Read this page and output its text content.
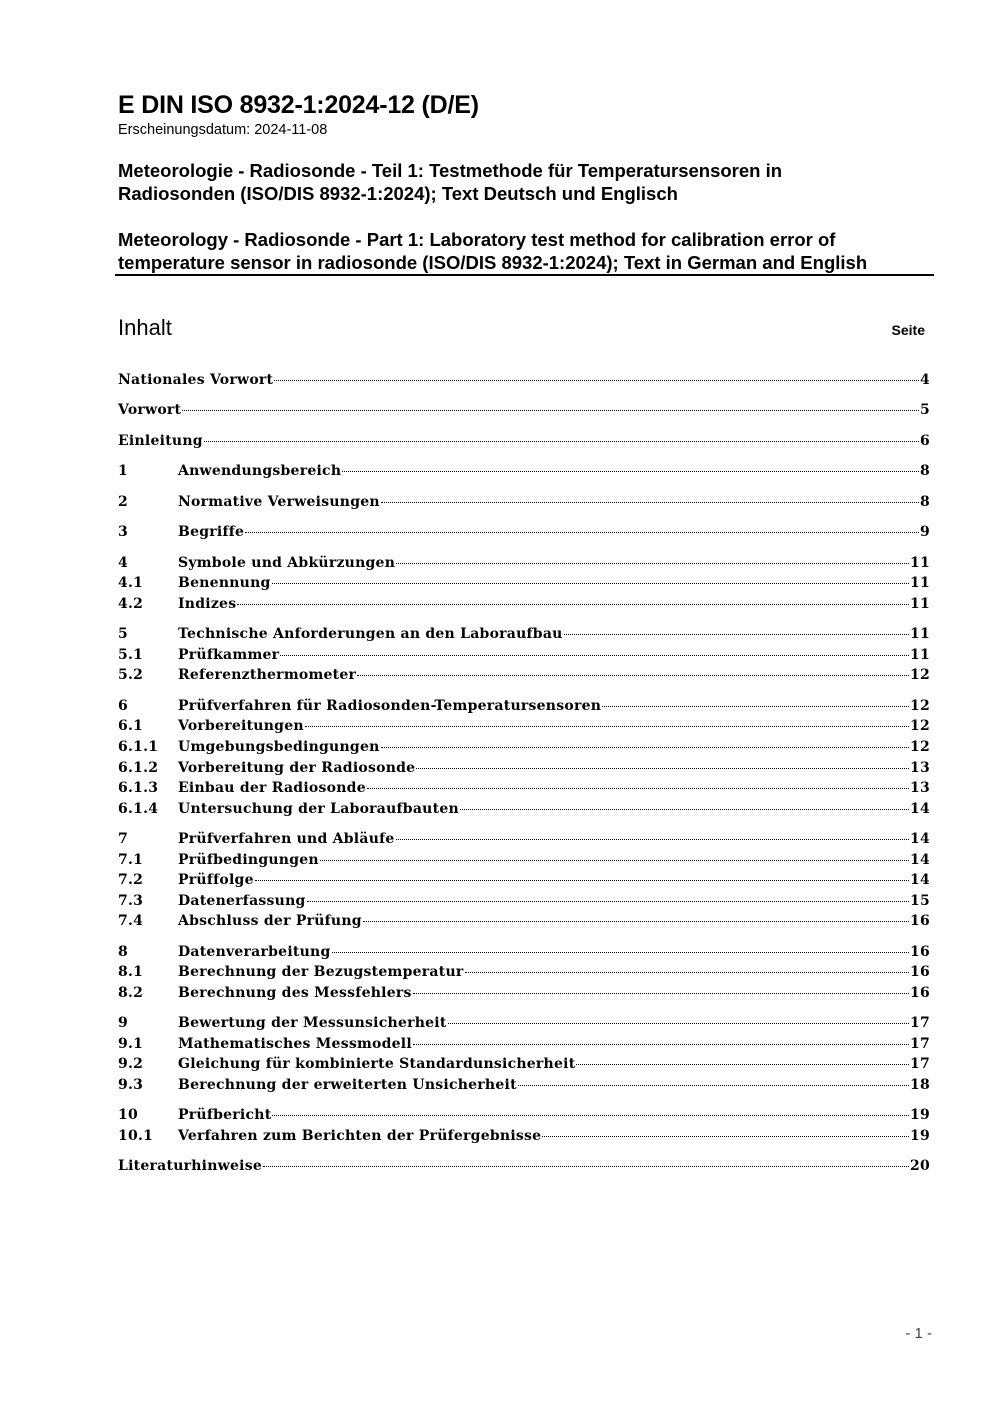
E DIN ISO 8932-1:2024-12 (D/E)
Erscheinungsdatum: 2024-11-08
Meteorologie - Radiosonde - Teil 1: Testmethode für Temperatursensoren in
Radiosonden (ISO/DIS 8932-1:2024); Text Deutsch und Englisch
Meteorology - Radiosonde - Part 1: Laboratory test method for calibration error of
temperature sensor in radiosonde (ISO/DIS 8932-1:2024); Text in German and English
Inhalt	Seite
Nationales Vorwort	4
Vorwort	5
Einleitung	6
1	Anwendungsbereich	8
2	Normative Verweisungen	8
3	Begriffe	9
4	Symbole und Abkürzungen	11
4.1	Benennung	11
4.2	Indizes	11
5	Technische Anforderungen an den Laboraufbau	11
5.1	Prüfkammer	11
5.2	Referenzthermometer	12
6	Prüfverfahren für Radiosonden-Temperatursensoren	12
6.1	Vorbereitungen	12
6.1.1	Umgebungsbedingungen	12
6.1.2	Vorbereitung der Radiosonde	13
6.1.3	Einbau der Radiosonde	13
6.1.4	Untersuchung der Laboraufbauten	14
7	Prüfverfahren und Abläufe	14
7.1	Prüfbedingungen	14
7.2	Prüffolge	14
7.3	Datenerfassung	15
7.4	Abschluss der Prüfung	16
8	Datenverarbeitung	16
8.1	Berechnung der Bezugstemperatur	16
8.2	Berechnung des Messfehlers	16
9	Bewertung der Messunsicherheit	17
9.1	Mathematisches Messmodell	17
9.2	Gleichung für kombinierte Standardunsicherheit	17
9.3	Berechnung der erweiterten Unsicherheit	18
10	Prüfbericht	19
10.1	Verfahren zum Berichten der Prüfergebnisse	19
Literaturhinweise	20
- 1 -
